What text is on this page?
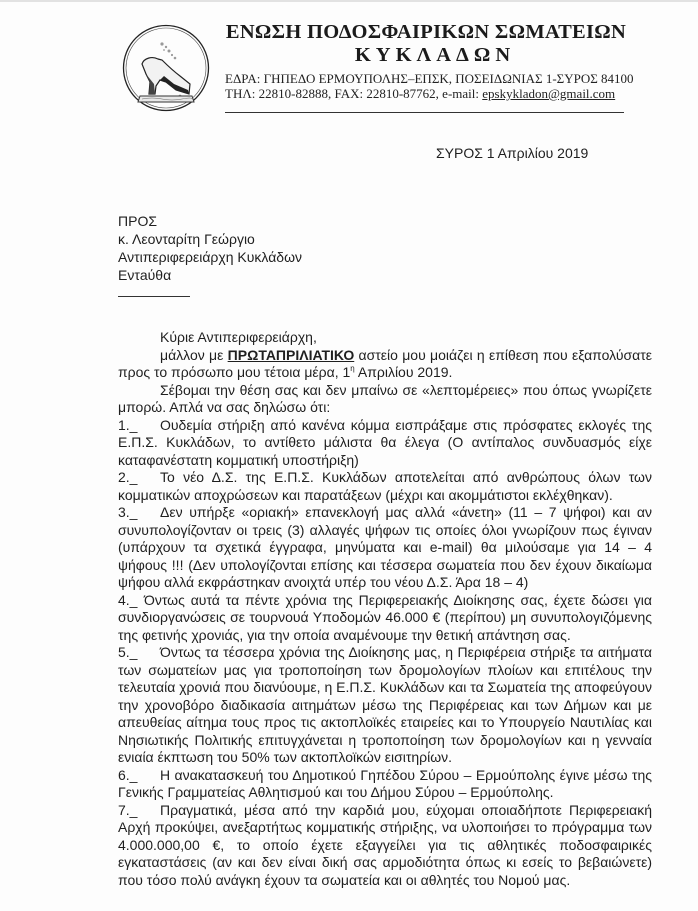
ΕΝΩΣΗ ΠΟΔΟΣΦΑΙΡΙΚΩΝ ΣΩΜΑΤΕΙΩΝ
ΚΥΚΛΑΔΩΝ
ΕΔΡΑ: ΓΗΠΕΔΟ ΕΡΜΟΥΠΟΛΗΣ–ΕΠΣΚ, ΠΟΣΕΙΔΩΝΙΑΣ 1-ΣΥΡΟΣ 84100
ΤΗΛ: 22810-82888, FAX: 22810-87762, e-mail: epskykladon@gmail.com
ΣΥΡΟΣ 1 Απριλίου 2019
ΠΡΟΣ
κ. Λεονταρίτη Γεώργιο
Αντιπεριφερειάρχη Κυκλάδων
Εντaύθα

Κύριε Αντιπεριφερειάρχη,

μάλλον με ΠΡΩΤΑΠΡΙΛΙΑΤΙΚΟ αστείο μου μοιάζει η επίθεση που εξαπολύσατε προς το πρόσωπο μου τέτοια μέρα, $1^\eta$ Απριλίου 2019.

Σέβομαι την θέση σας και δεν μπαίνω σε «λεπτομέρειες» που όπως γνωρίζετε μπορώ. Απλά να σας δηλώσω ότι:

1._ Ουδεμία στήριξη από κανένα κόμμα εισπράξαμε στις πρόσφατες εκλογές της Ε.Π.Σ. Κυκλάδων, το αντίθετο μάλιστα θα έλεγα (Ο αντίπαλος συνδυασμός είχε καταφανέστατη κομματική υποστήριξη)

2._ Το νέο Δ.Σ. της Ε.Π.Σ. Κυκλάδων αποτελείται από ανθρώπους όλων των κομματικών αποχρώσεων και παρατάξεων (μέχρι και ακομμάτιστοι εκλέχθηκαν).

3._ Δεν υπήρξε «οριακή» επανεκλογή μας αλλά «άνετη» (11 – 7 ψήφοι) και αν συνυπολογίζονταν οι τρεις (3) αλλαγές ψήφων τις οποίες όλοι γνωρίζουν πως έγιναν (υπάρχουν τα σχετικά έγγραφα, μηνύματα και e-mail) θα μιλούσαμε για 14 – 4 ψήφους !!! (Δεν υπολογίζονται επίσης και τέσσερα σωματεία που δεν έχουν δικαίωμα ψήφου αλλά εκφράστηκαν ανοιχτά υπέρ του νέου Δ.Σ. Άρα 18 – 4)

4._ Όντως αυτά τα πέντε χρόνια της Περιφερειακής Διοίκησης σας, έχετε δώσει για συνδιοργανώσεις σε τουρνουά Υποδομών 46.000 € (περίπου) μη συνυπολογιζόμενης της φετινής χρονιάς, για την οποία αναμένουμε την θετική απάντηση σας.

5._ Όντως τα τέσσερα χρόνια της Διοίκησης μας, η Περιφέρεια στήριξε τα αιτήματα των σωματείων μας για τροποποίηση των δρομολογίων πλοίων και επιτέλους την τελευταία χρονιά που διανύουμε, η Ε.Π.Σ. Κυκλάδων και τα Σωματεία της αποφεύγουν την χρονοβόρο διαδικασία αιτημάτων μέσω της Περιφέρειας και των Δήμων και με απευθείας αίτημα τους προς τις ακτοπλοϊκές εταιρείες και το Υπουργείο Ναυτιλίας και Νησιωτικής Πολιτικής επιτυγχάνεται η τροποποίηση των δρομολογίων και η γενναία ενιαία έκπτωση του 50% των ακτοπλοϊκών εισιτηρίων.

6._ Η ανακατασκευή του Δημοτικού Γηπέδου Σύρου – Ερμούπολης έγινε μέσω της Γενικής Γραμματείας Αθλητισμού και του Δήμου Σύρου – Ερμούπολης.

7._ Πραγματικά, μέσα από την καρδιά μου, εύχομαι οποιαδήποτε Περιφερειακή Αρχή προκύψει, ανεξαρτήτως κομματικής στήριξης, να υλοποιήσει το πρόγραμμα των 4.000.000,00 €, το οποίο έχετε εξαγγείλει για τις αθλητικές ποδοσφαιρικές εγκαταστάσεις (αν και δεν είναι δική σας αρμοδιότητα όπως κι εσείς το βεβαιώνετε) που τόσο πολύ ανάγκη έχουν τα σωματεία και οι αθλητές του Νομού μας.
